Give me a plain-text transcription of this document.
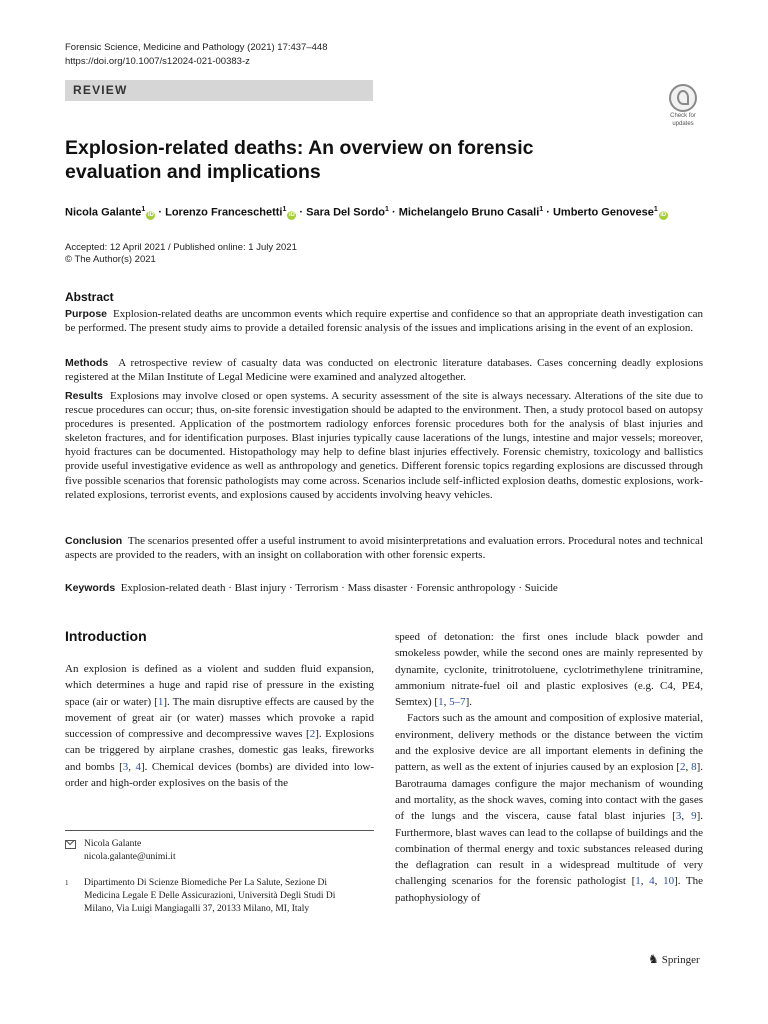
Forensic Science, Medicine and Pathology (2021) 17:437–448
https://doi.org/10.1007/s12024-021-00383-z
REVIEW
Check for
updates
Explosion-related deaths: An overview on forensic evaluation and implications
Nicola Galante$^1$iD · Lorenzo Franceschetti$^1$iD · Sara Del Sordo$^1$ · Michelangelo Bruno Casali$^1$ · Umberto Genovese$^1$iD
Accepted: 12 April 2021 / Published online: 1 July 2021
© The Author(s) 2021
Abstract
Purpose Explosion-related deaths are uncommon events which require expertise and confidence so that an appropriate death investigation can be performed. The present study aims to provide a detailed forensic analysis of the issues and implications arising in the event of an explosion.
Methods A retrospective review of casualty data was conducted on electronic literature databases. Cases concerning deadly explosions registered at the Milan Institute of Legal Medicine were examined and analyzed altogether.
Results Explosions may involve closed or open systems. A security assessment of the site is always necessary. Alterations of the site due to rescue procedures can occur; thus, on-site forensic investigation should be adapted to the environment. Then, a study protocol based on autopsy procedures is presented. Application of the postmortem radiology enforces forensic procedures both for the analysis of blast injuries and skeleton fractures, and for identification purposes. Blast injuries typically cause lacerations of the lungs, intestine and major vessels; moreover, hyoid fractures can be documented. Histopathology may help to define blast injuries effectively. Forensic chemistry, toxicology and ballistics provide useful investigative evidence as well as anthropology and genetics. Different forensic topics regarding explosions are discussed through five possible scenarios that forensic pathologists may come across. Scenarios include self-inflicted explosion deaths, domestic explosions, work-related explosions, terrorist events, and explosions caused by accidents involving heavy vehicles.
Conclusion The scenarios presented offer a useful instrument to avoid misinterpretations and evaluation errors. Procedural notes and technical aspects are provided to the readers, with an insight on collaboration with other forensic experts.
Keywords Explosion-related death · Blast injury · Terrorism · Mass disaster · Forensic anthropology · Suicide
Introduction
An explosion is defined as a violent and sudden fluid expansion, which determines a huge and rapid rise of pressure in the existing space (air or water) [1]. The main disruptive effects are caused by the movement of great air (or water) masses which provoke a rapid succession of compressive and decompressive waves [2]. Explosions can be triggered by airplane crashes, domestic gas leaks, fireworks and bombs [3, 4]. Chemical devices (bombs) are divided into low-order and high-order explosives on the basis of the

speed of detonation: the first ones include black powder and smokeless powder, while the second ones are mainly represented by dynamite, cyclonite, trinitrotoluene, cyclotrimethylene trinitramine, ammonium nitrate-fuel oil and plastic explosives (e.g. C4, PE4, Semtex) [1, 5–7].

Factors such as the amount and composition of explosive material, environment, delivery methods or the distance between the victim and the explosive device are all important elements in defining the pattern, as well as the extent of injuries caused by an explosion [2, 8]. Barotrauma damages configure the major mechanism of wounding and mortality, as the shock waves, coming into contact with the gases of the lungs and the viscera, cause fatal blast injuries [3, 9]. Furthermore, blast waves can lead to the collapse of buildings and the combination of thermal energy and toxic substances released during the deflagration can result in a widespread multitude of very challenging scenarios for the forensic pathologist [1, 4, 10]. The pathophysiology of

Nicola Galante
nicola.galante@unimi.it
1 Dipartimento Di Scienze Biomediche Per La Salute, Sezione Di Medicina Legale E Delle Assicurazioni, Università Degli Studi Di Milano, Via Luigi Mangiagalli 37, 20133 Milano, MI, Italy
♞ Springer
